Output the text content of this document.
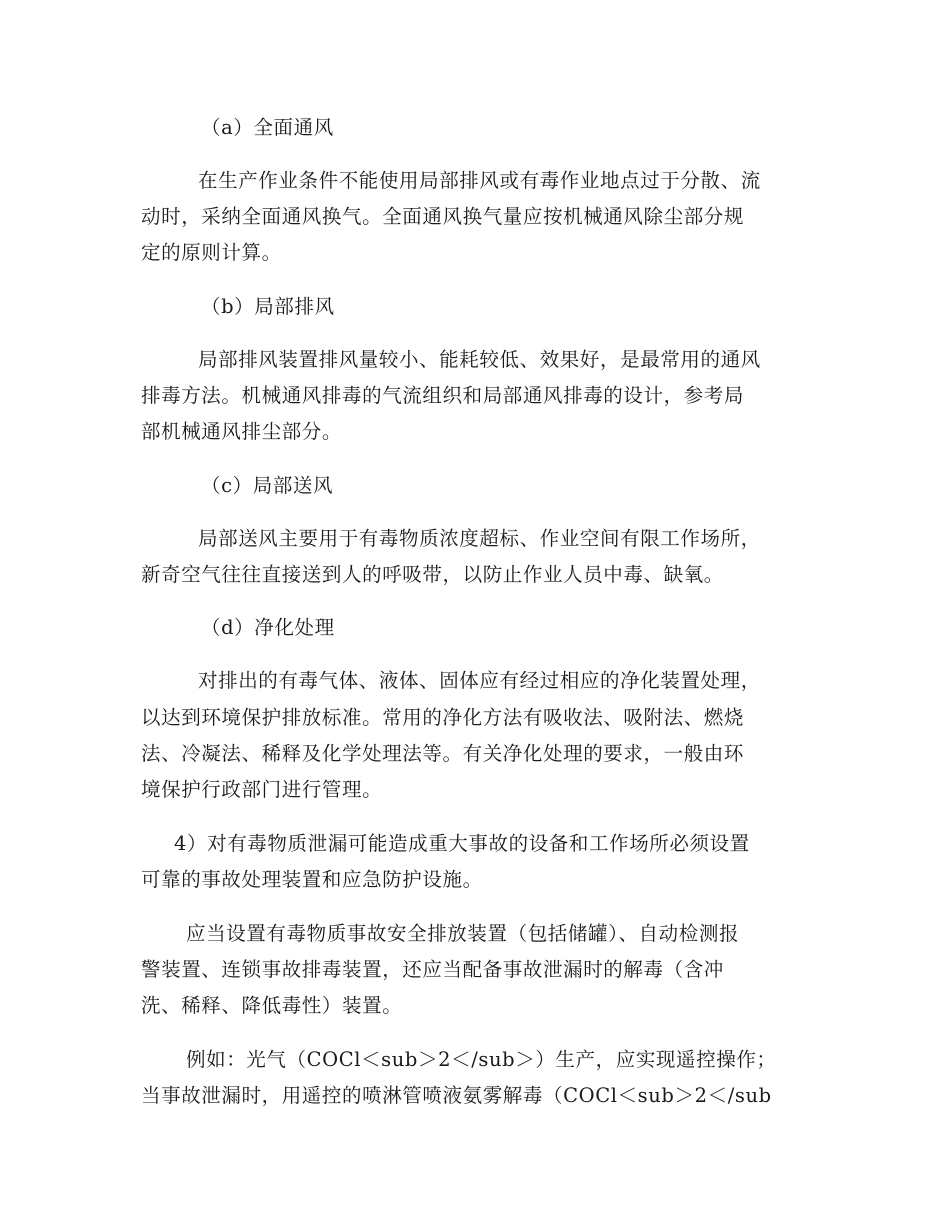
（a）全面通风
在生产作业条件不能使用局部排风或有毒作业地点过于分散、流
动时，采纳全面通风换气。全面通风换气量应按机械通风除尘部分规
定的原则计算。
（b）局部排风
局部排风装置排风量较小、能耗较低、效果好，是最常用的通风
排毒方法。机械通风排毒的气流组织和局部通风排毒的设计，参考局
部机械通风排尘部分。
（c）局部送风
局部送风主要用于有毒物质浓度超标、作业空间有限工作场所，
新奇空气往往直接送到人的呼吸带，以防止作业人员中毒、缺氧。
（d）净化处理
对排出的有毒气体、液体、固体应有经过相应的净化装置处理，
以达到环境保护排放标准。常用的净化方法有吸收法、吸附法、燃烧
法、冷凝法、稀释及化学处理法等。有关净化处理的要求，一般由环
境保护行政部门进行管理。
4）对有毒物质泄漏可能造成重大事故的设备和工作场所必须设置
可靠的事故处理装置和应急防护设施。
应当设置有毒物质事故安全排放装置（包括储罐）、自动检测报
警装置、连锁事故排毒装置，还应当配备事故泄漏时的解毒（含冲
洗、稀释、降低毒性）装置。
例如：光气（COCl＜sub＞2＜/sub＞）生产，应实现遥控操作；
当事故泄漏时，用遥控的喷淋管喷液氨雾解毒（COCl＜sub＞2＜/sub
